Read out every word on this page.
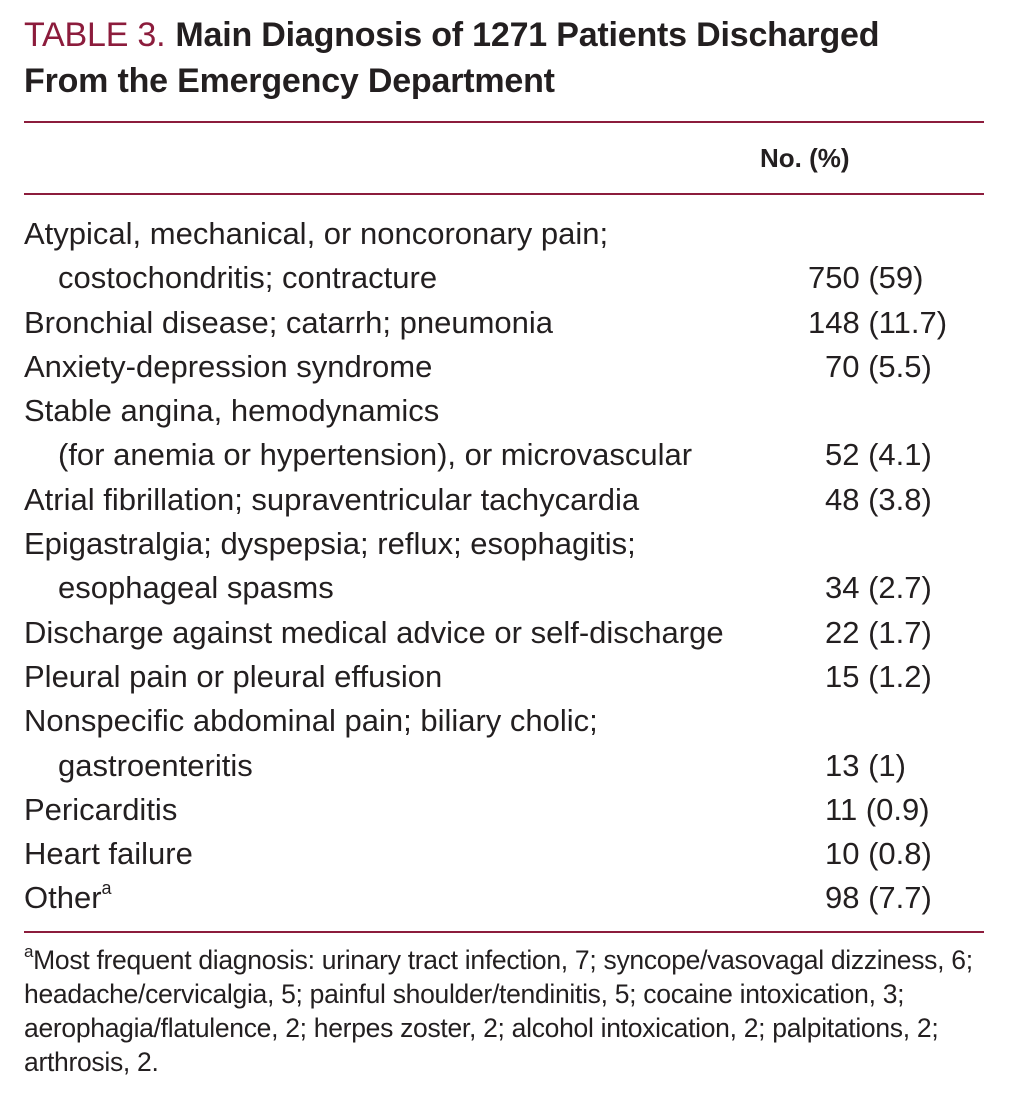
TABLE 3. Main Diagnosis of 1271 Patients Discharged
From the Emergency Department
No. (%)
Atypical, mechanical, or noncoronary pain;
costochondritis; contracture	750 (59)
Bronchial disease; catarrh; pneumonia	148 (11.7)
Anxiety-depression syndrome	70 (5.5)
Stable angina, hemodynamics
(for anemia or hypertension), or microvascular	52 (4.1)
Atrial fibrillation; supraventricular tachycardia	48 (3.8)
Epigastralgia; dyspepsia; reflux; esophagitis;
esophageal spasms	34 (2.7)
Discharge against medical advice or self-discharge	22 (1.7)
Pleural pain or pleural effusion	15 (1.2)
Nonspecific abdominal pain; biliary cholic;
gastroenteritis	13 (1)
Pericarditis	11 (0.9)
Heart failure	10 (0.8)
Other$^a$	98 (7.7)

$^a$Most frequent diagnosis: urinary tract infection, 7; syncope/vasovagal dizziness, 6; headache/cervicalgia, 5; painful shoulder/tendinitis, 5; cocaine intoxication, 3; aerophagia/flatulence, 2; herpes zoster, 2; alcohol intoxication, 2; palpitations, 2; arthrosis, 2.
